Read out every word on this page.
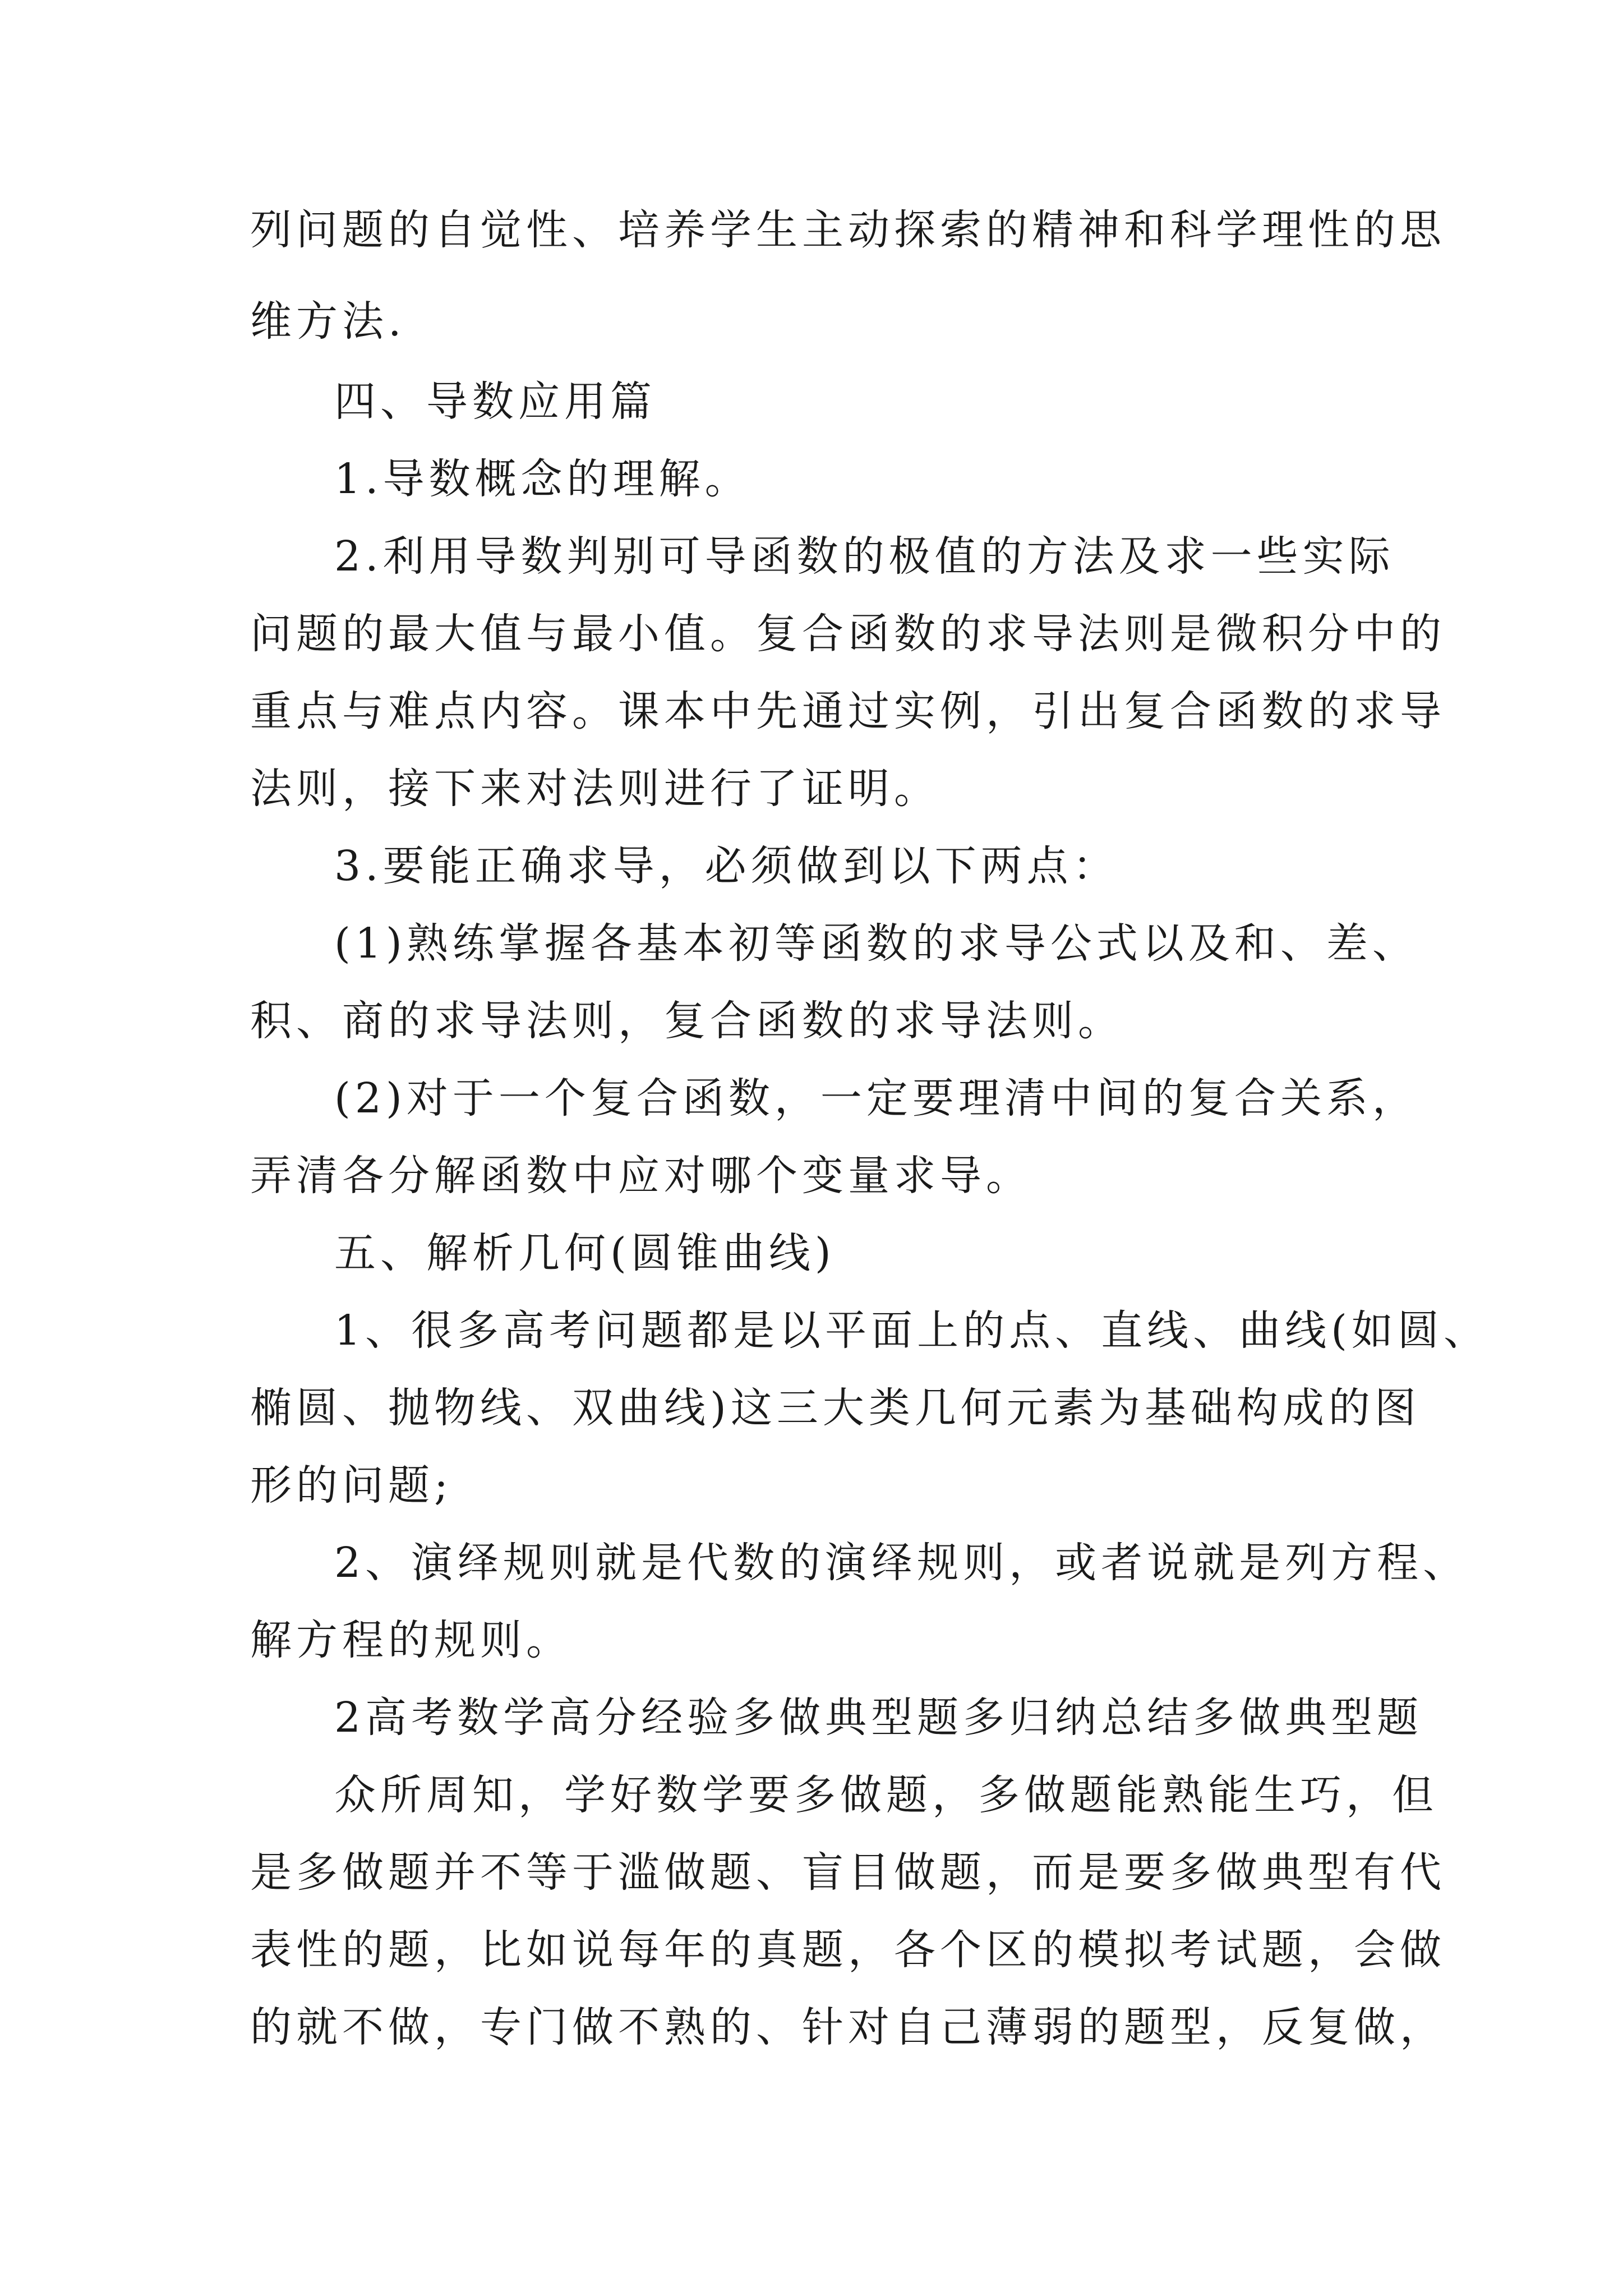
列问题的自觉性、培养学生主动探索的精神和科学理性的思
维方法.
四、导数应用篇
1.导数概念的理解。
2.利用导数判别可导函数的极值的方法及求一些实际
问题的最大值与最小值。复合函数的求导法则是微积分中的
重点与难点内容。课本中先通过实例，引出复合函数的求导
法则，接下来对法则进行了证明。
3.要能正确求导，必须做到以下两点：
(1)熟练掌握各基本初等函数的求导公式以及和、差、
积、商的求导法则，复合函数的求导法则。
(2)对于一个复合函数，一定要理清中间的复合关系，
弄清各分解函数中应对哪个变量求导。
五、解析几何(圆锥曲线)
1、很多高考问题都是以平面上的点、直线、曲线(如圆、
椭圆、抛物线、双曲线)这三大类几何元素为基础构成的图
形的问题;
2、演绎规则就是代数的演绎规则，或者说就是列方程、
解方程的规则。
2高考数学高分经验多做典型题多归纳总结多做典型题
众所周知，学好数学要多做题，多做题能熟能生巧，但
是多做题并不等于滥做题、盲目做题，而是要多做典型有代
表性的题，比如说每年的真题，各个区的模拟考试题，会做
的就不做，专门做不熟的、针对自己薄弱的题型，反复做，
